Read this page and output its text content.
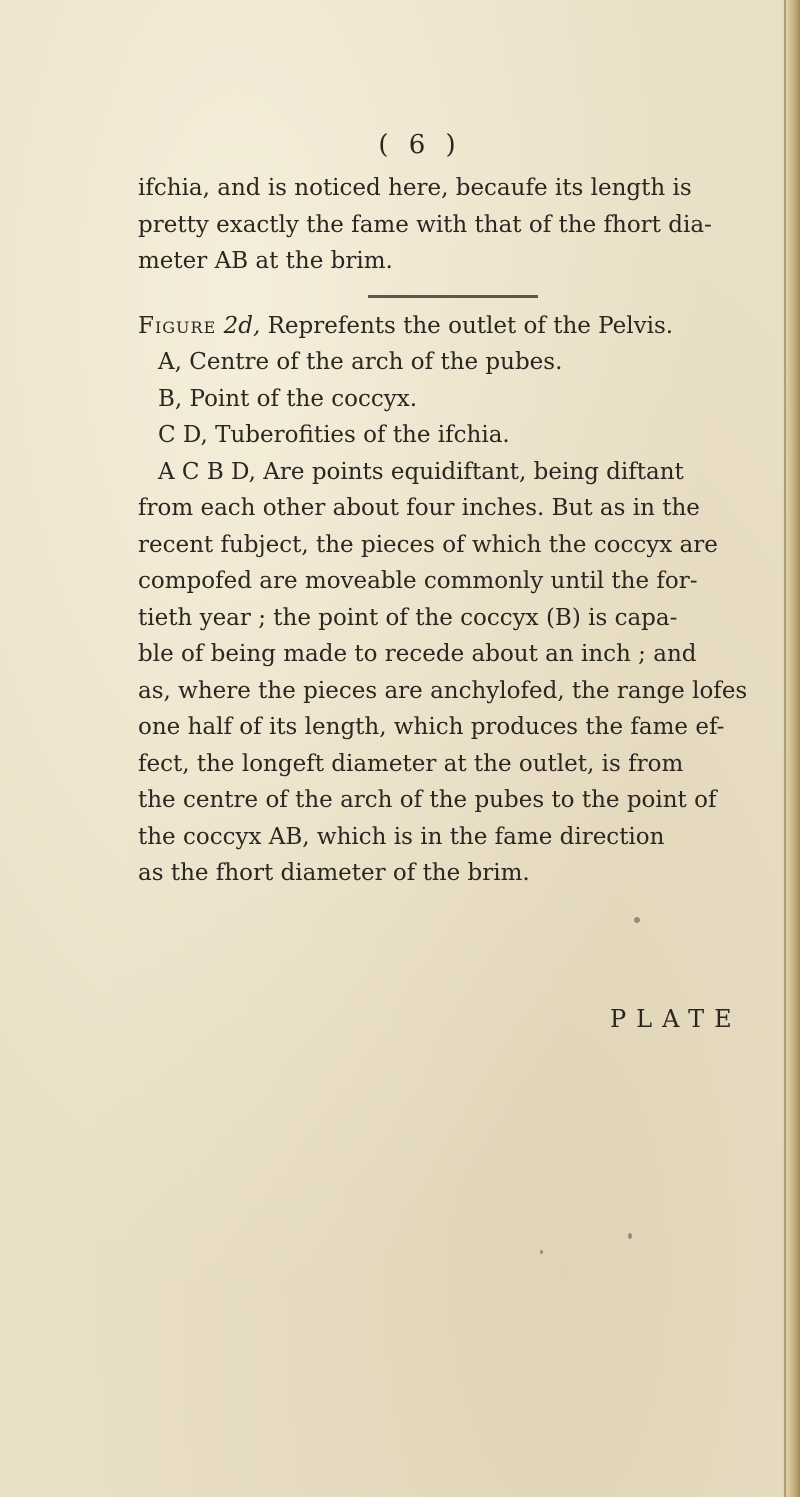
( 6 )

ifchia, and is noticed here, becaufe its length is

pretty exactly the fame with that of the fhort dia-

meter AB at the brim.

Figure 2d, Reprefents the outlet of the Pelvis.

A, Centre of the arch of the pubes.

B, Point of the coccyx.

C D, Tuberofities of the ifchia.

A C B D, Are points equidiftant, being diftant

from each other about four inches. But as in the

recent fubject, the pieces of which the coccyx are

compofed are moveable commonly until the for-

tieth year ; the point of the coccyx (B) is capa-

ble of being made to recede about an inch ; and

as, where the pieces are anchylofed, the range lofes

one half of its length, which produces the fame ef-

fect, the longeft diameter at the outlet, is from

the centre of the arch of the pubes to the point of

the coccyx AB, which is in the fame direction

as the fhort diameter of the brim.

PLATE
